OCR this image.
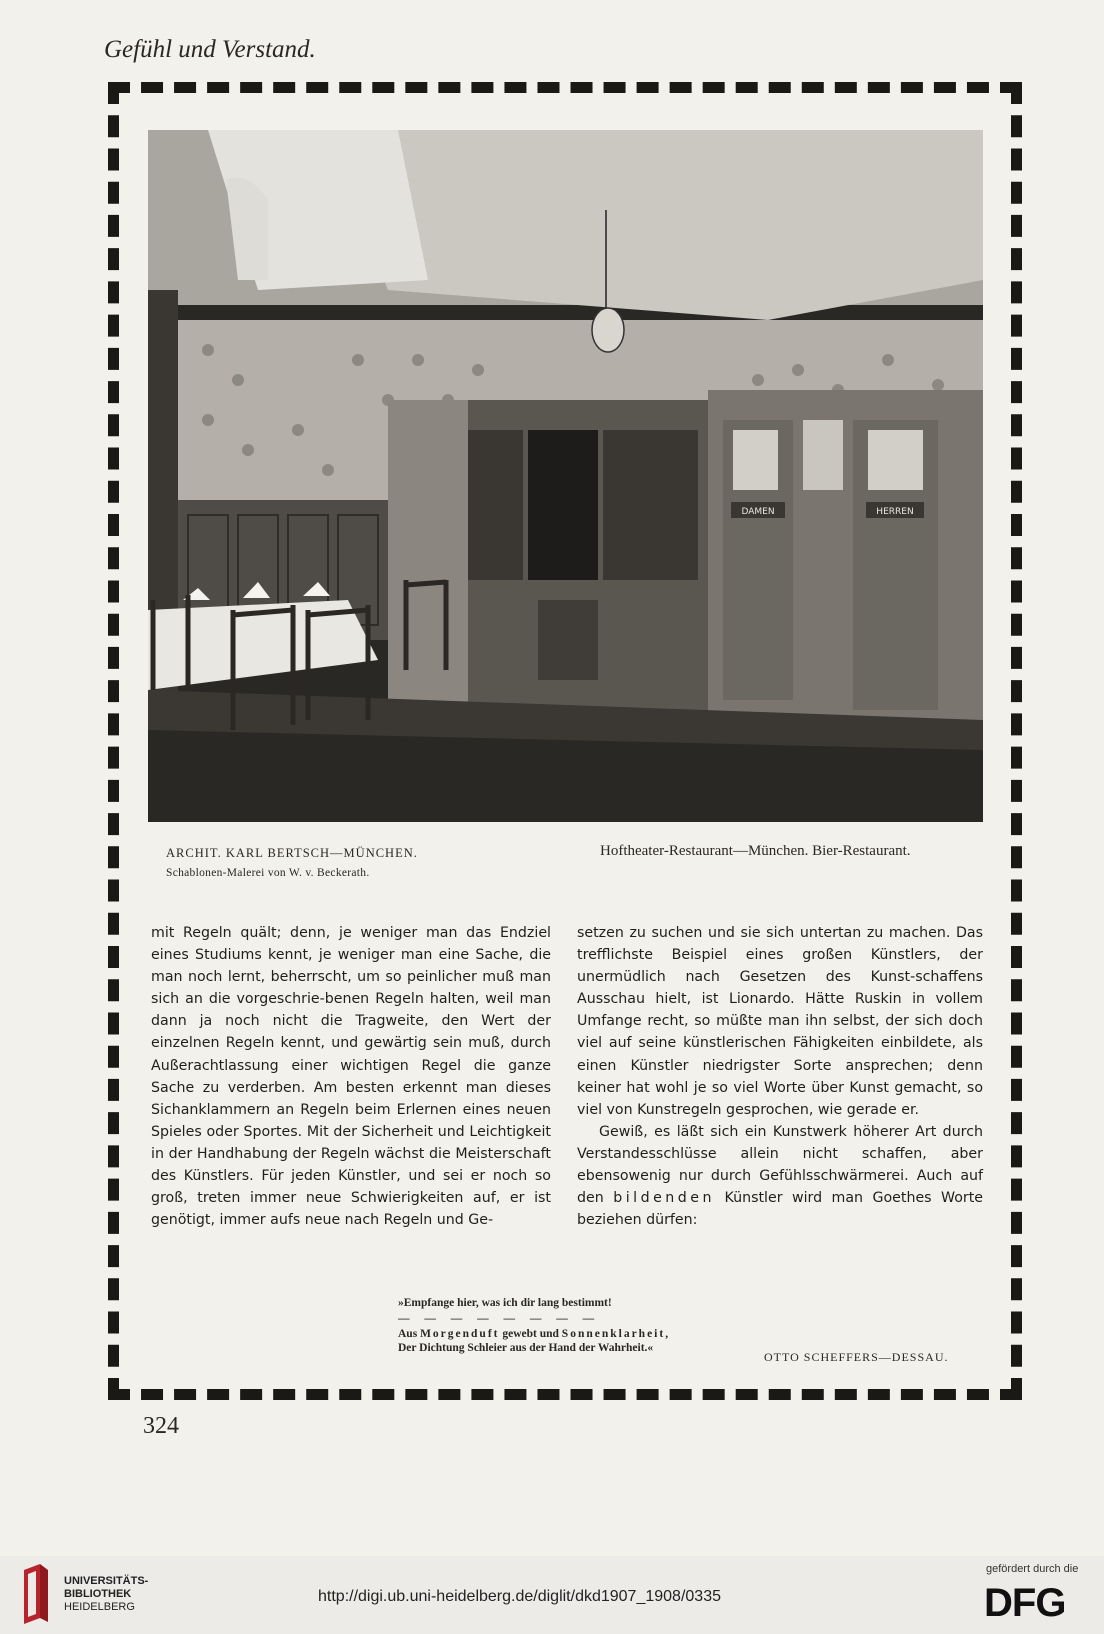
Gefühl und Verstand.
DAMEN	HERREN
ARCHIT. KARL BERTSCH—MÜNCHEN.
Schablonen-Malerei von W. v. Beckerath.
Hoftheater-Restaurant—München. Bier-Restaurant.

mit Regeln quält; denn, je weniger man das Endziel eines Studiums kennt, je weniger man eine Sache, die man noch lernt, beherrscht, um so peinlicher muß man sich an die vorgeschrie-benen Regeln halten, weil man dann ja noch nicht die Tragweite, den Wert der einzelnen Regeln kennt, und gewärtig sein muß, durch Außerachtlassung einer wichtigen Regel die ganze Sache zu verderben. Am besten erkennt man dieses Sichanklammern an Regeln beim Erlernen eines neuen Spieles oder Sportes. Mit der Sicherheit und Leichtigkeit in der Handhabung der Regeln wächst die Meisterschaft des Künstlers. Für jeden Künstler, und sei er noch so groß, treten immer neue Schwierigkeiten auf, er ist genötigt, immer aufs neue nach Regeln und Ge-

setzen zu suchen und sie sich untertan zu machen. Das trefflichste Beispiel eines großen Künstlers, der unermüdlich nach Gesetzen des Kunst-schaffens Ausschau hielt, ist Lionardo. Hätte Ruskin in vollem Umfange recht, so müßte man ihn selbst, der sich doch viel auf seine künstlerischen Fähigkeiten einbildete, als einen Künstler niedrigster Sorte ansprechen; denn keiner hat wohl je so viel Worte über Kunst gemacht, so viel von Kunstregeln gesprochen, wie gerade er.

Gewiß, es läßt sich ein Kunstwerk höherer Art durch Verstandesschlüsse allein nicht schaffen, aber ebensowenig nur durch Gefühlsschwärmerei. Auch auf den bildenden Künstler wird man Goethes Worte beziehen dürfen:

»Empfange hier, was ich dir lang bestimmt!
— — — — — — — —
Aus Morgenduft gewebt und Sonnenklarheit,
Der Dichtung Schleier aus der Hand der Wahrheit.«
OTTO SCHEFFERS—DESSAU.
324
UNIVERSITÄTS-
BIBLIOTHEK
HEIDELBERG
http://digi.ub.uni-heidelberg.de/diglit/dkd1907_1908/0335
gefördert durch die
DFG
